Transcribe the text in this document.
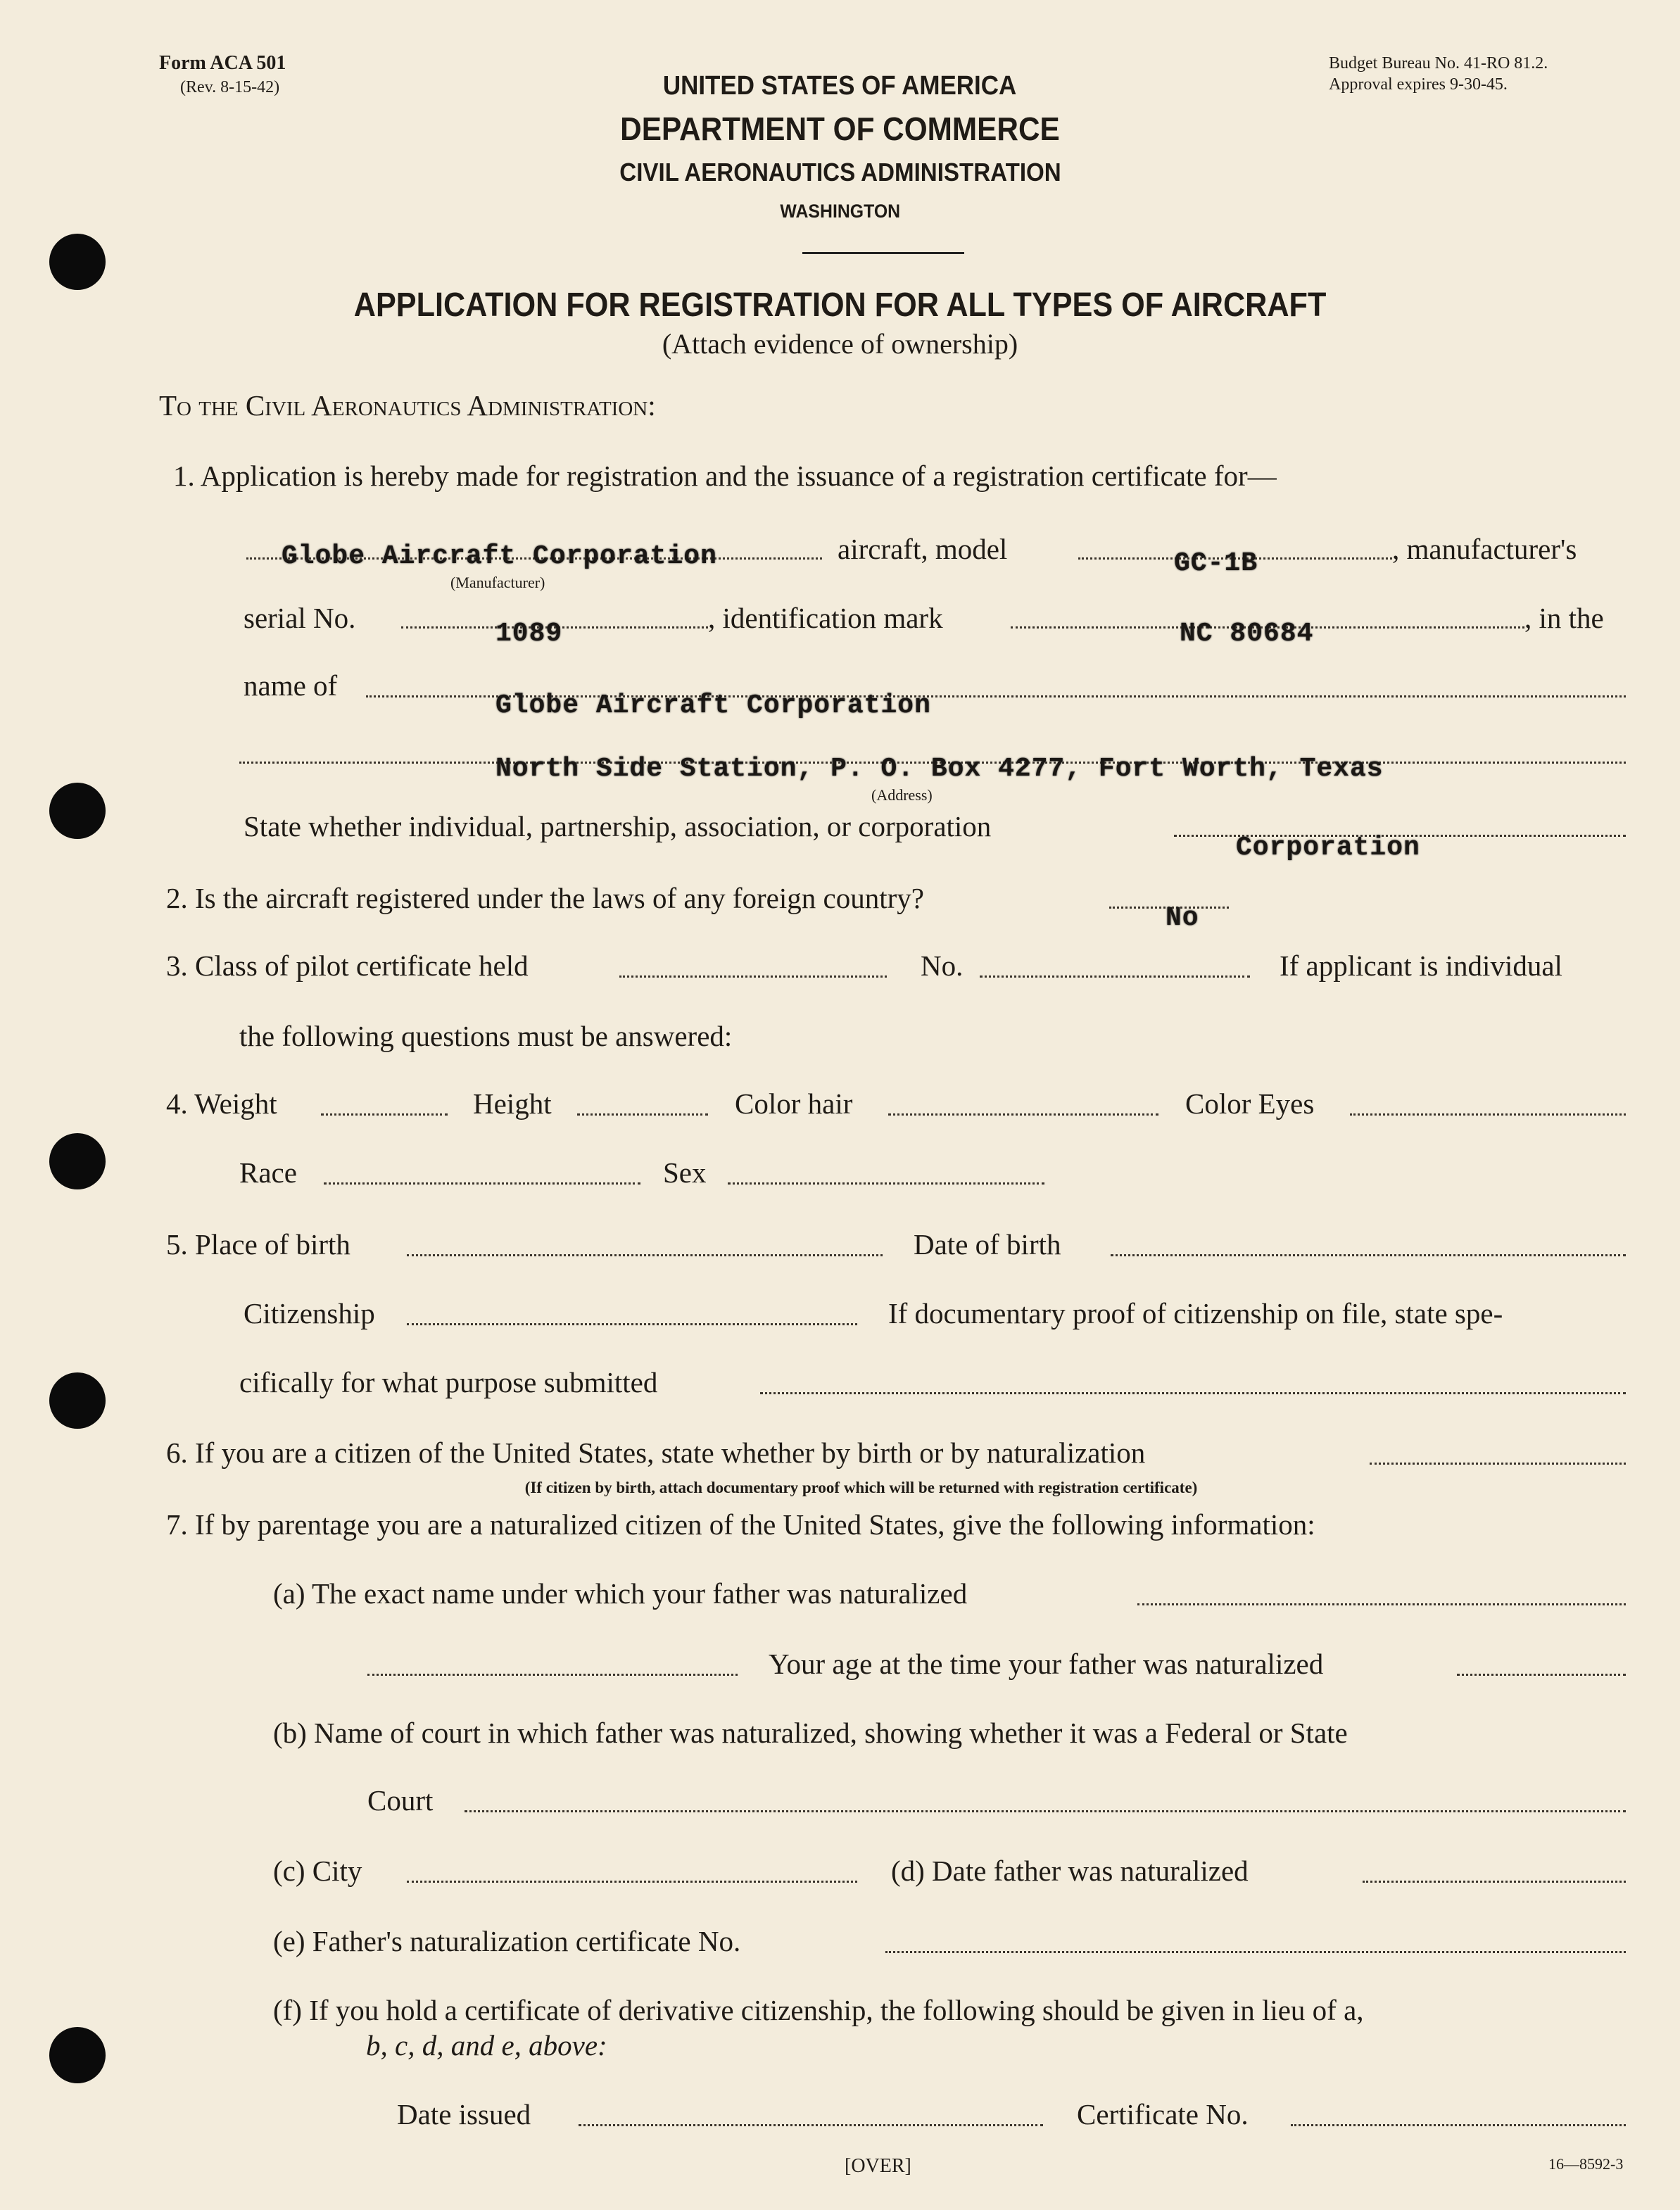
Form ACA 501
(Rev. 8-15-42)
Budget Bureau No. 41-RO 81.2.
Approval expires 9-30-45.
UNITED STATES OF AMERICA
DEPARTMENT OF COMMERCE
CIVIL AERONAUTICS ADMINISTRATION
WASHINGTON
APPLICATION FOR REGISTRATION FOR ALL TYPES OF AIRCRAFT
(Attach evidence of ownership)
To the Civil Aeronautics Administration:
1. Application is hereby made for registration and the issuance of a registration certificate for—
Globe Aircraft Corporation
(Manufacturer)
aircraft, model	GC-1B	, manufacturer's
serial No.	1089	, identification mark	NC 80684	, in the
name of
Globe Aircraft Corporation
North Side Station, P. O. Box 4277, Fort Worth, Texas
(Address)
State whether individual, partnership, association, or corporation
Corporation
2. Is the aircraft registered under the laws of any foreign country?
No
3. Class of pilot certificate held	No.	If applicant is individual
the following questions must be answered:
4. Weight	Height	Color hair	Color Eyes
Race	Sex
5. Place of birth	Date of birth
Citizenship	If documentary proof of citizenship on file, state spe-
cifically for what purpose submitted
6. If you are a citizen of the United States, state whether by birth or by naturalization
(If citizen by birth, attach documentary proof which will be returned with registration certificate)
7. If by parentage you are a naturalized citizen of the United States, give the following information:
(a) The exact name under which your father was naturalized
Your age at the time your father was naturalized
(b) Name of court in which father was naturalized, showing whether it was a Federal or State
Court
(c) City	(d) Date father was naturalized
(e) Father's naturalization certificate No.
(f) If you hold a certificate of derivative citizenship, the following should be given in lieu of a,
b, c, d, and e, above:
Date issued	Certificate No.
[OVER]	16—8592-3
